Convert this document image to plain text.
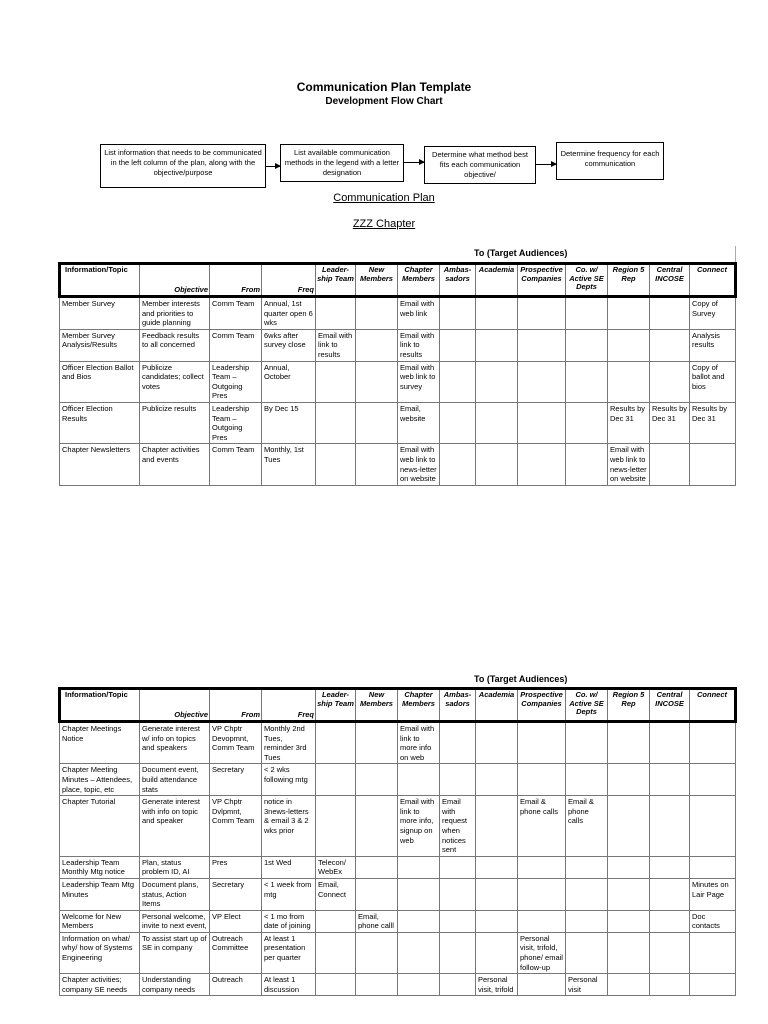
Communication Plan Template
Development Flow Chart
List information that needs to be communicated in the left column of the plan, along with the objective/purpose
List available communication methods in the legend with a letter designation
Determine what method best fits each communication objective/
Determine frequency for each communication
Communication Plan
ZZZ Chapter
To (Target Audiences)
Information/Topic	Objective	From	Freq	Leader-ship Team	New Members	Chapter Members	Ambas-sadors	Academia	Prospective Companies	Co. w/ Active SE Depts	Region 5 Rep	Central INCOSE	Connect
Member Survey	Member interests and priorities to guide planning	Comm Team	Annual, 1st quarter open 6 wks			Email with web link							Copy of Survey
Member Survey Analysis/Results	Feedback results to all concerned	Comm Team	6wks after survey close	Email with link to results		Email with link to results							Analysis results
Officer Election Ballot and Bios	Publicize candidates; collect votes	Leadership Team – Outgoing Pres	Annual, October			Email with web link to survey							Copy of ballot and bios
Officer Election Results	Publicize results	Leadership Team – Outgoing Pres	By Dec 15			Email, website					Results by Dec 31	Results by Dec 31	Results by Dec 31
Chapter Newsletters	Chapter activities and events	Comm Team	Monthly, 1st Tues			Email with web link to news-letter on website					Email with web link to news-letter on website		
To (Target Audiences)
Information/Topic	Objective	From	Freq	Leader-ship Team	New Members	Chapter Members	Ambas-sadors	Academia	Prospective Companies	Co. w/ Active SE Depts	Region 5 Rep	Central INCOSE	Connect
Chapter Meetings Notice	Generate interest w/ info on topics and speakers	VP Chptr Devopmnt, Comm Team	Monthly 2nd Tues, reminder 3rd Tues			Email with link to more info on web							
Chapter Meeting Minutes – Attendees, place, topic, etc	Document event, build attendance stats	Secretary	< 2 wks following mtg										
Chapter Tutorial	Generate interest with info on topic and speaker	VP Chptr Dvlpmnt, Comm Team	notice in 3news-letters & email 3 & 2 wks prior			Email with link to more info, signup on web	Email with request when notices sent		Email & phone calls	Email & phone calls			
Leadership Team Monthly Mtg notice	Plan, status problem ID, AI	Pres	1st Wed	Telecon/ WebEx									
Leadership Team Mtg Minutes	Document plans, status, Action Items	Secretary	< 1 week from mtg	Email, Connect									Minutes on Lair Page
Welcome for New Members	Personal welcome, invite to next event,	VP Elect	< 1 mo from date of joining		Email, phone calll								Doc contacts
Information on what/ why/ how of Systems Engineering	To assist start up of SE in company	Outreach Committee	At least 1 presentation per quarter						Personal visit, trifold, phone/ email follow-up				
Chapter activities; company SE needs	Understanding company needs	Outreach	At least 1 discussion					Personal visit, trifold		Personal visit			
